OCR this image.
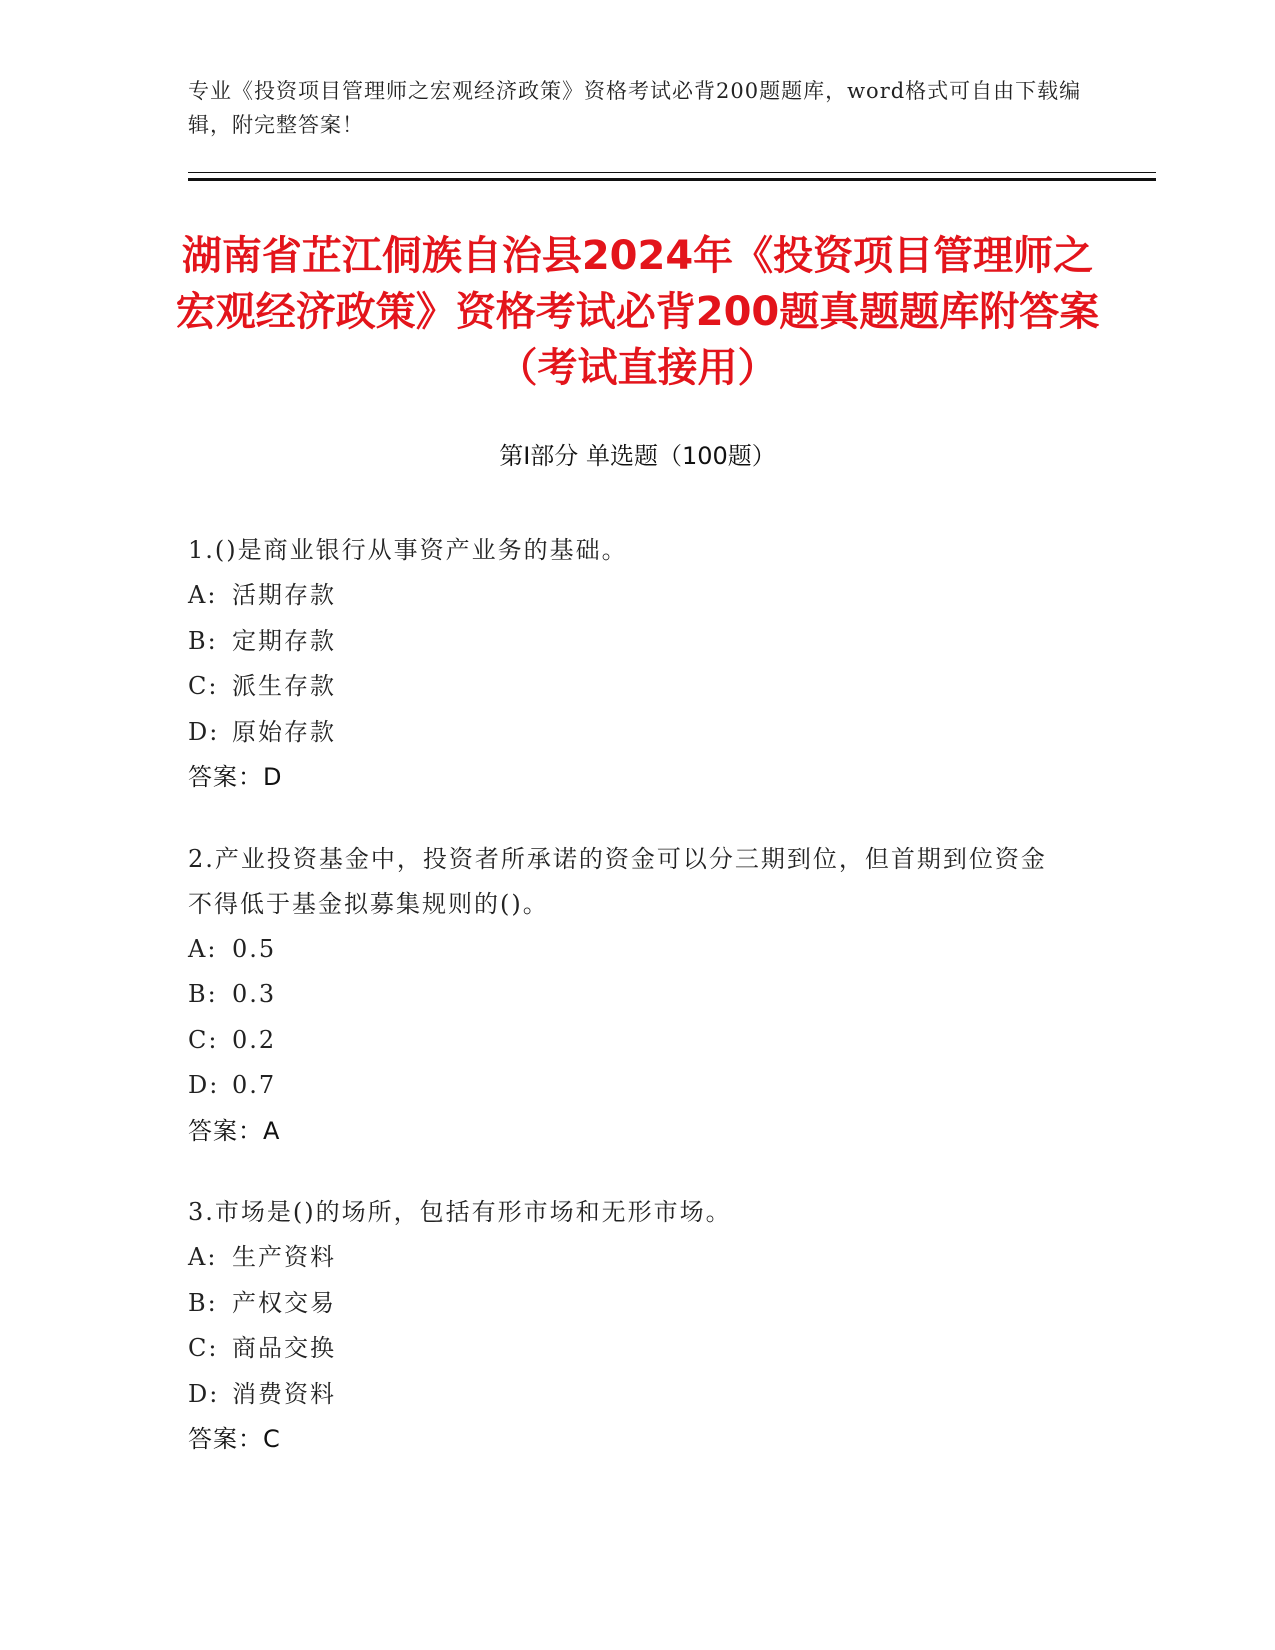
专业《投资项目管理师之宏观经济政策》资格考试必背200题题库，word格式可自由下载编辑，附完整答案！
湖南省芷江侗族自治县2024年《投资项目管理师之宏观经济政策》资格考试必背200题真题题库附答案（考试直接用）
第I部分 单选题（100题）
1.()是商业银行从事资产业务的基础。
A: 活期存款
B: 定期存款
C: 派生存款
D: 原始存款
答案：D
2.产业投资基金中，投资者所承诺的资金可以分三期到位，但首期到位资金不得低于基金拟募集规则的()。
A: 0.5
B: 0.3
C: 0.2
D: 0.7
答案：A
3.市场是()的场所，包括有形市场和无形市场。
A: 生产资料
B: 产权交易
C: 商品交换
D: 消费资料
答案：C
